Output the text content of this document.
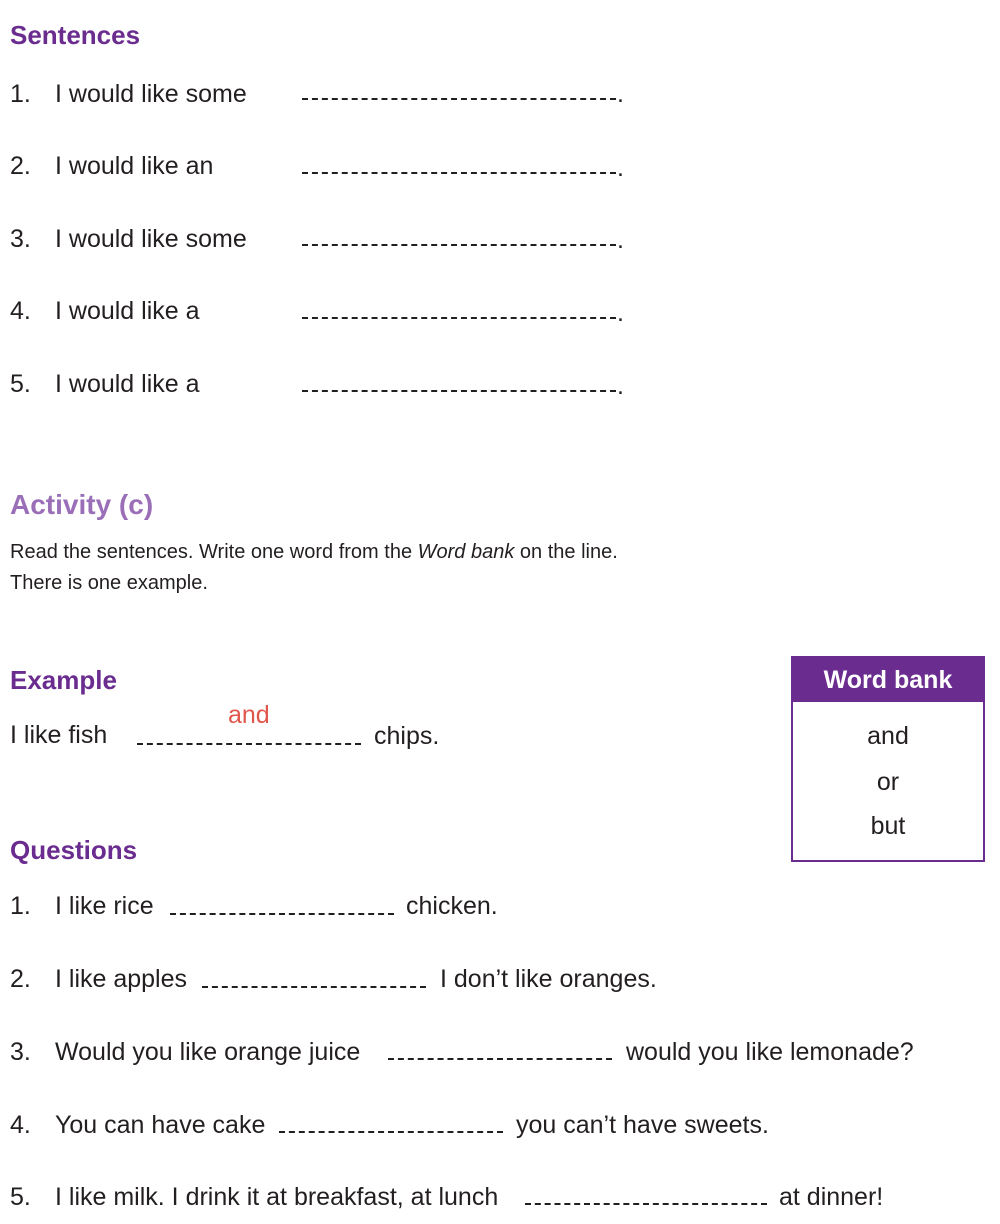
Sentences
1. I would like some	.
2. I would like an	.
3. I would like some	.
4. I would like a	.
5. I would like a	.
Activity (c)
Read the sentences. Write one word from the Word bank on the line.
There is one example.
Example
I like fish
and
chips.
Word bank
and
or
but
Questions
1. I like rice	chicken.
2. I like apples	I don’t like oranges.
3. Would you like orange juice	would you like lemonade?
4. You can have cake	you can’t have sweets.
5. I like milk. I drink it at breakfast, at lunch	at dinner!
